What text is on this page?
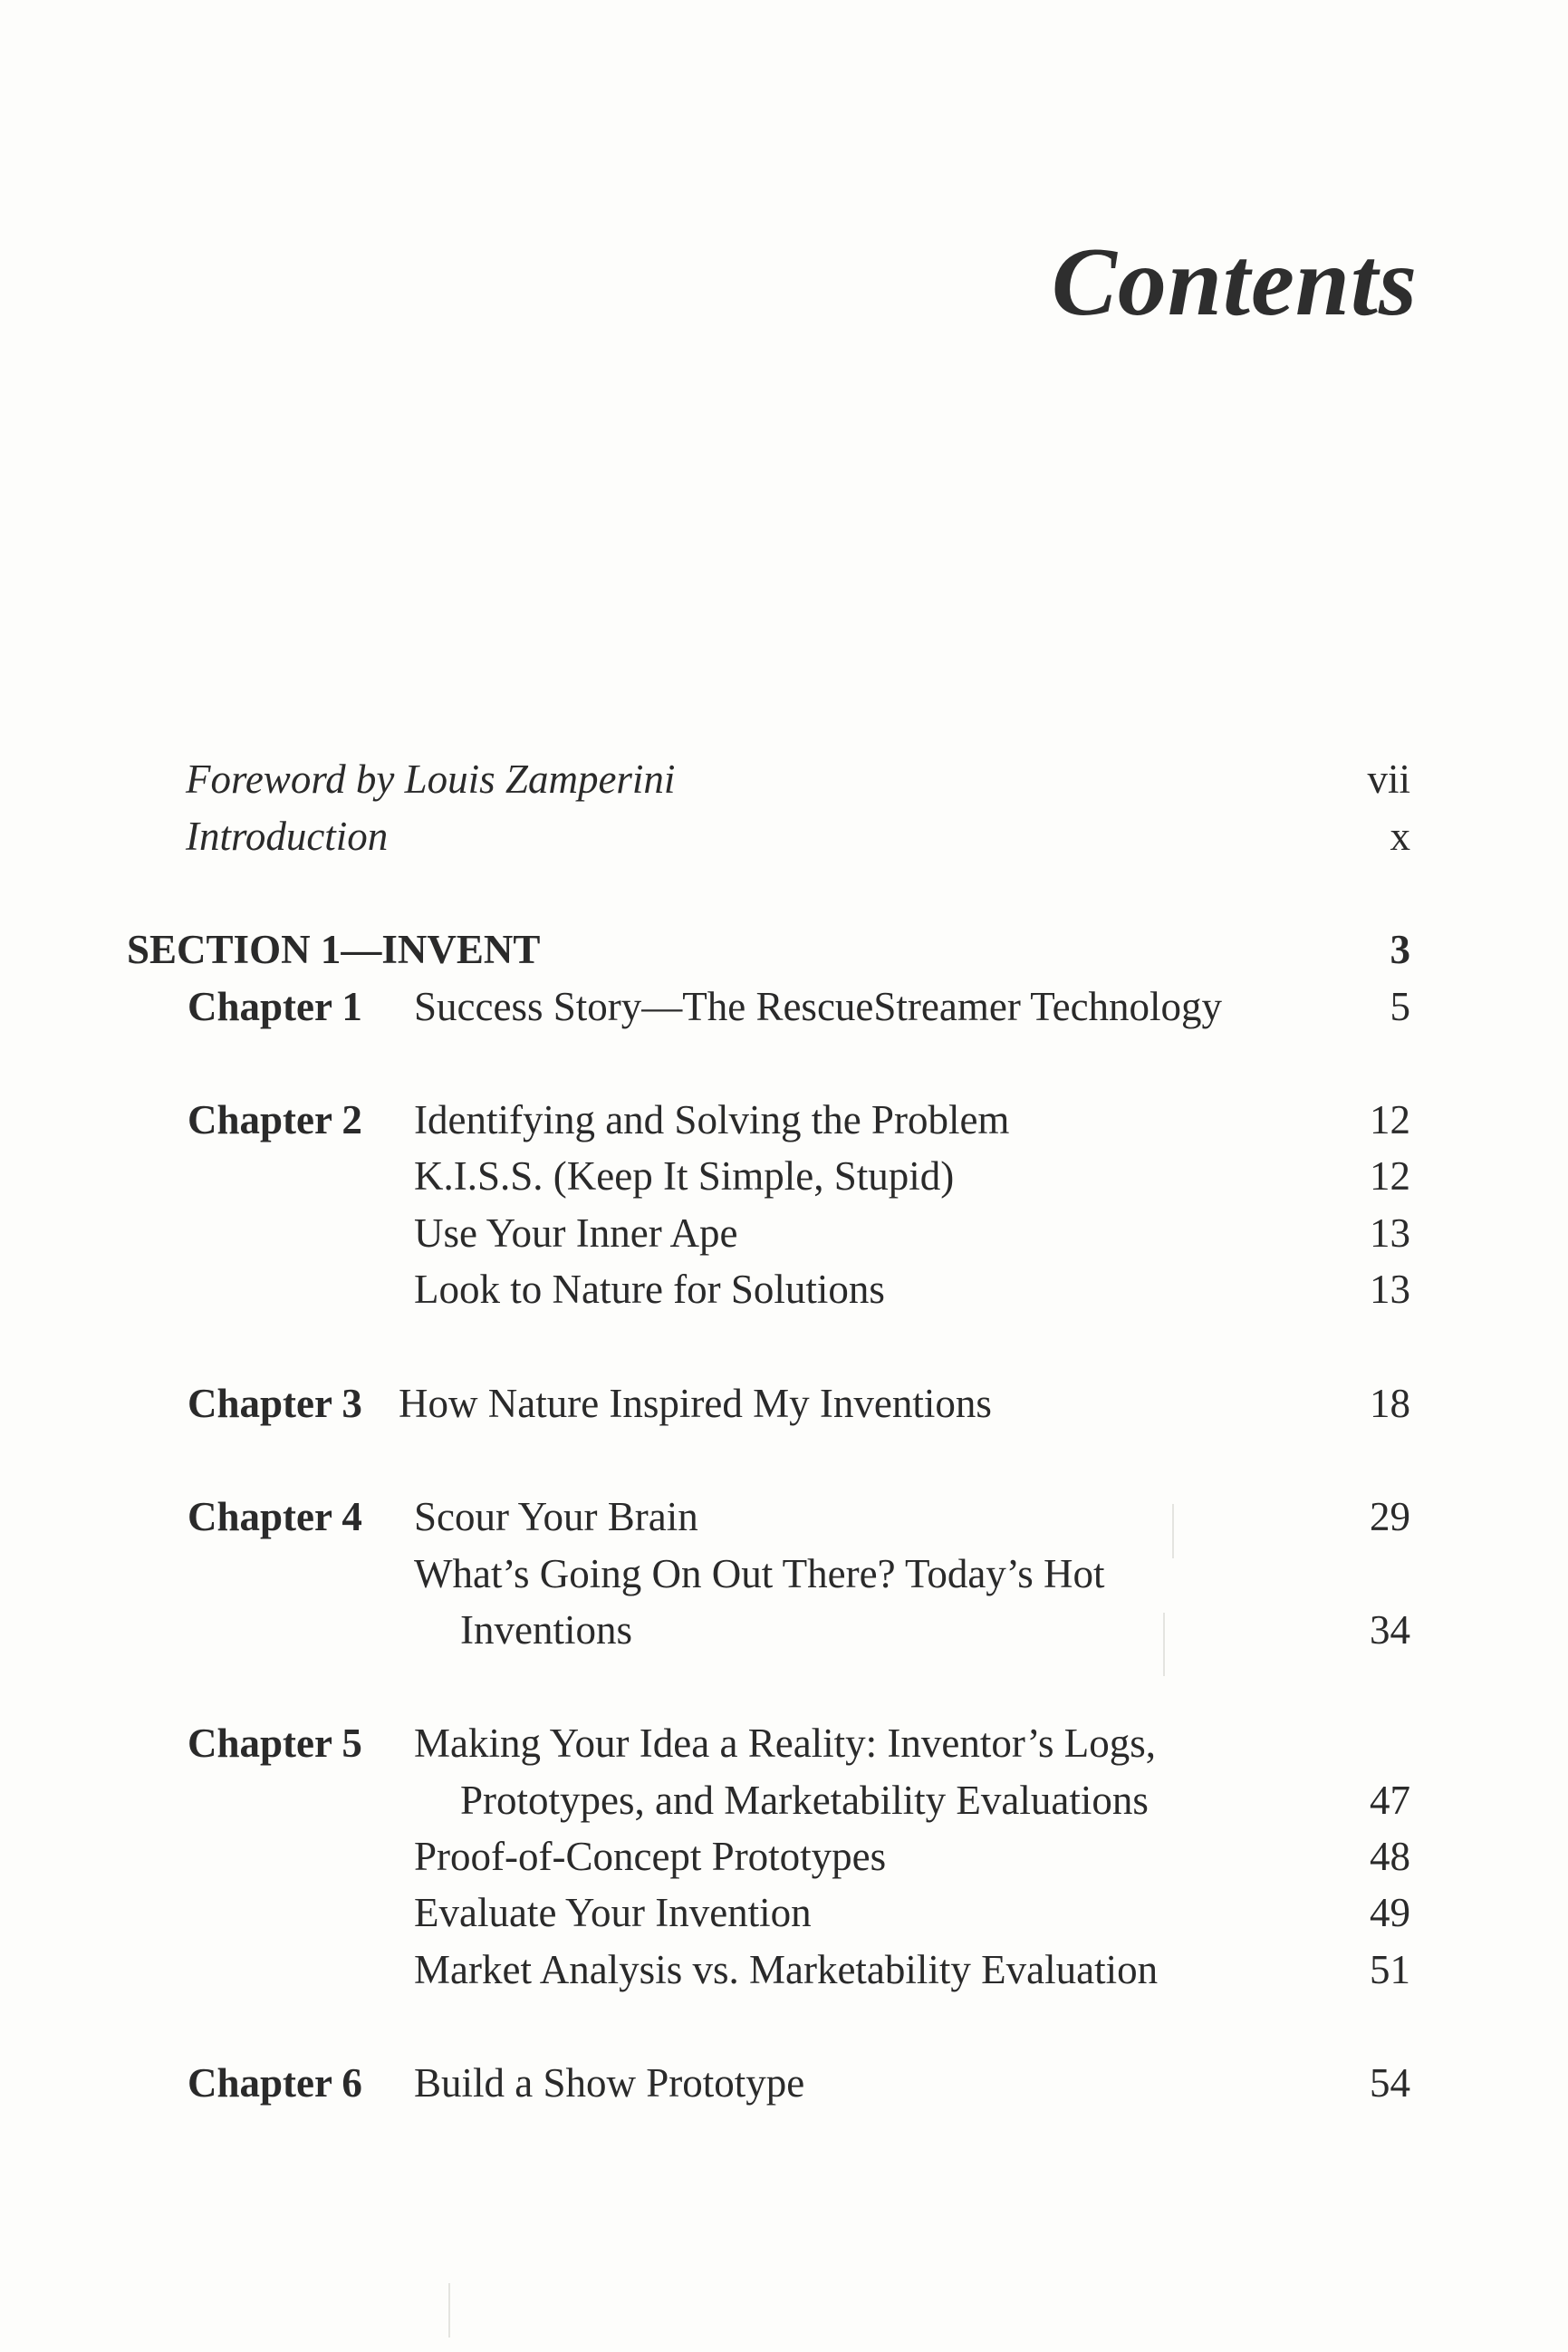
Contents
Foreword by Louis Zamperini	vii
Introduction	x
SECTION 1—INVENT	3
Chapter 1 Success Story—The RescueStreamer Technology	5
Chapter 2 Identifying and Solving the Problem	12
K.I.S.S. (Keep It Simple, Stupid)	12
Use Your Inner Ape	13
Look to Nature for Solutions	13
Chapter 3 How Nature Inspired My Inventions	18
Chapter 4 Scour Your Brain	29
What’s Going On Out There? Today’s Hot
Inventions	34
Chapter 5 Making Your Idea a Reality: Inventor’s Logs,
Prototypes, and Marketability Evaluations	47
Proof-of-Concept Prototypes	48
Evaluate Your Invention	49
Market Analysis vs. Marketability Evaluation	51
Chapter 6 Build a Show Prototype	54
